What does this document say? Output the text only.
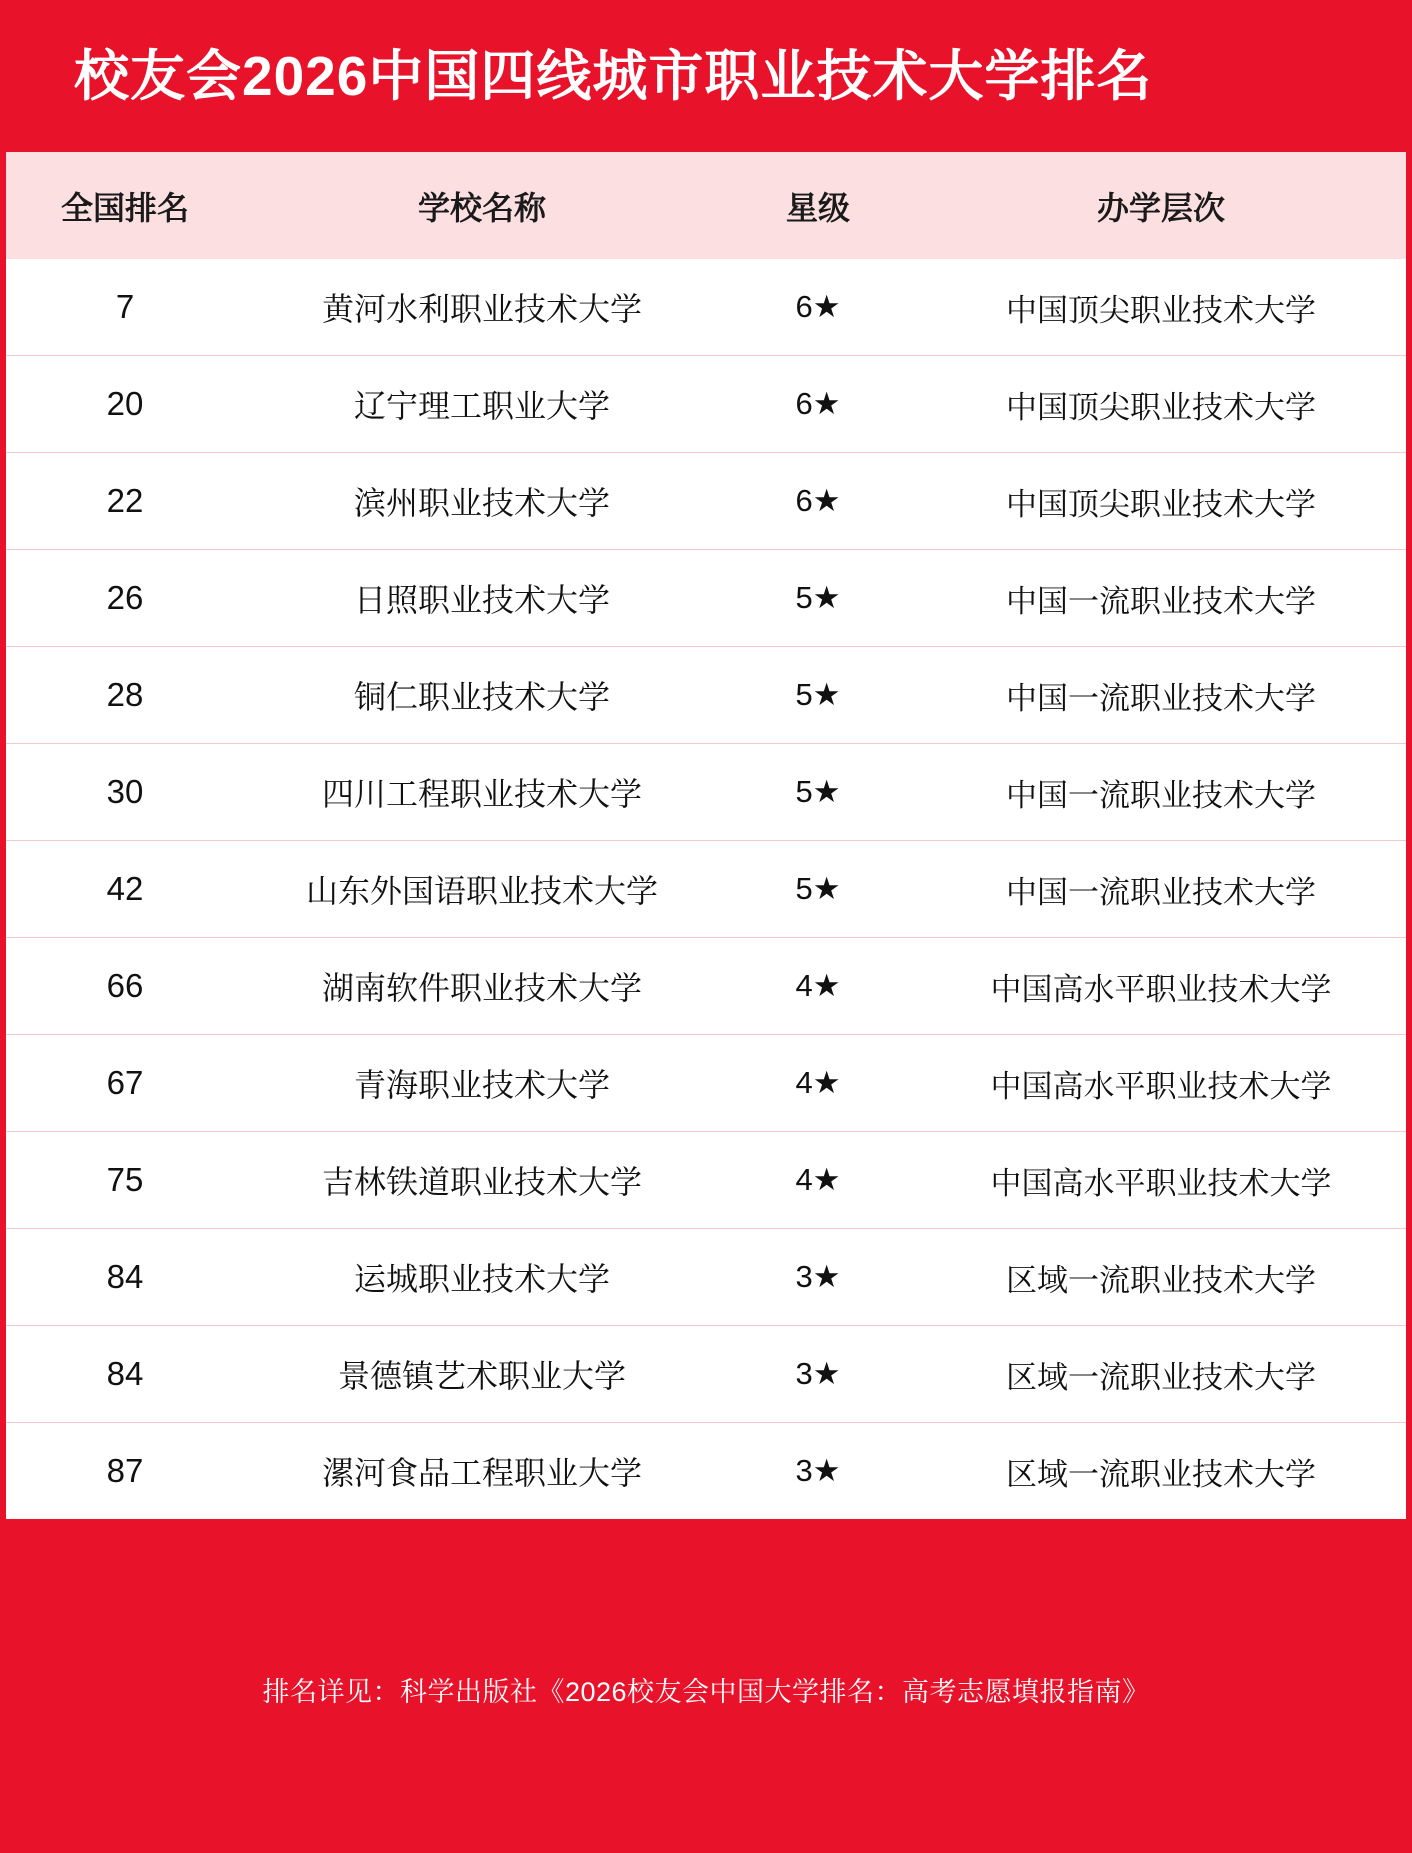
校友会2026中国四线城市职业技术大学排名
全国排名	学校名称	星级	办学层次
7	黄河水利职业技术大学	6★	中国顶尖职业技术大学
20	辽宁理工职业大学	6★	中国顶尖职业技术大学
22	滨州职业技术大学	6★	中国顶尖职业技术大学
26	日照职业技术大学	5★	中国一流职业技术大学
28	铜仁职业技术大学	5★	中国一流职业技术大学
30	四川工程职业技术大学	5★	中国一流职业技术大学
42	山东外国语职业技术大学	5★	中国一流职业技术大学
66	湖南软件职业技术大学	4★	中国高水平职业技术大学
67	青海职业技术大学	4★	中国高水平职业技术大学
75	吉林铁道职业技术大学	4★	中国高水平职业技术大学
84	运城职业技术大学	3★	区域一流职业技术大学
84	景德镇艺术职业大学	3★	区域一流职业技术大学
87	漯河食品工程职业大学	3★	区域一流职业技术大学
排名详见：科学出版社《2026校友会中国大学排名：高考志愿填报指南》
